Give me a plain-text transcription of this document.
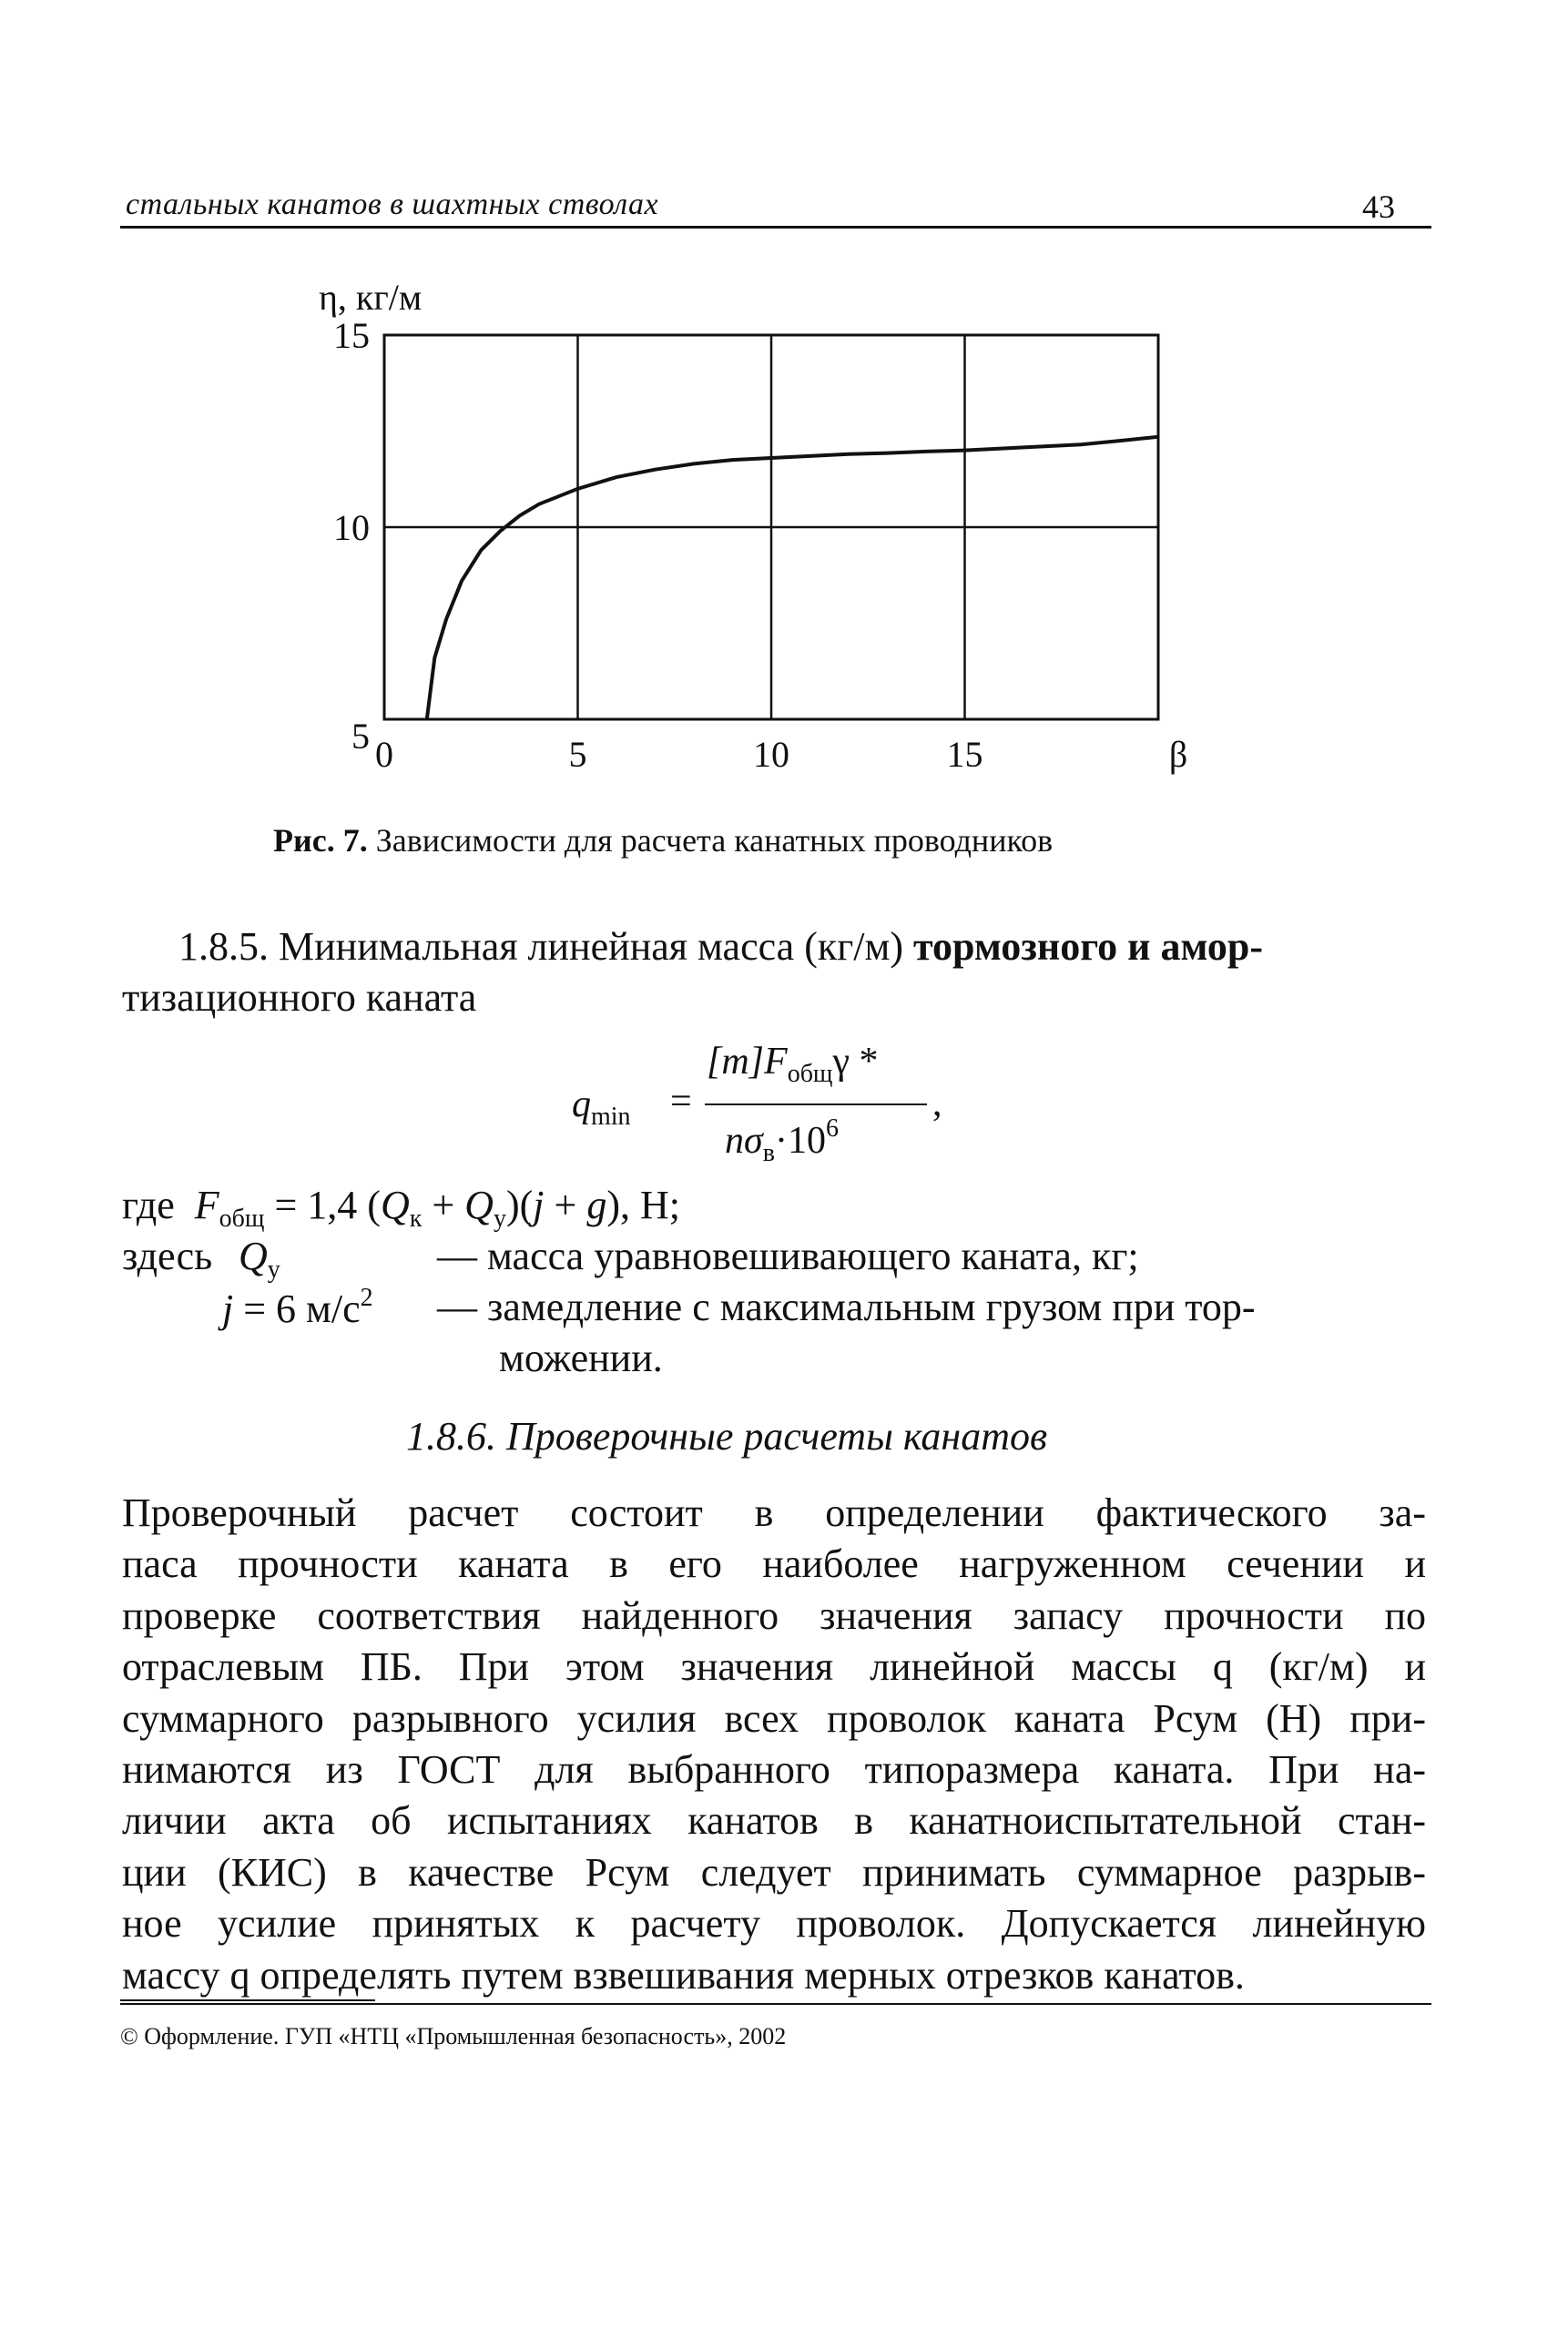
стальных канатов в шахтных стволах	43
0	5	10	15
15
10
5
η, кг/м
β
Рис. 7. Зависимости для расчета канатных проводников
1.8.5. Минимальная линейная масса (кг/м) тормозного и амор-
тизационного каната
$q_{min}$ =
$[m]F_{общ}\gamma$ *
$n\sigma_в\cdot 10^6$
,
где $F_{общ} = 1,4$ $(Q_к + Q_у)(j + g)$, Н;
здесь $Q_у$	— масса уравновешивающего каната, кг;
j = 6 $м/с^2$ — замедление с максимальным грузом при тор-
можении.
1.8.6. Проверочные расчеты канатов
Проверочный расчет состоит в определении фактического за-
паса прочности каната в его наиболее нагруженном сечении и
проверке соответствия найденного значения запасу прочности по
отраслевым ПБ. При этом значения линейной массы q (кг/м) и
суммарного разрывного усилия всех проволок каната Pсум (Н) при-
нимаются из ГОСТ для выбранного типоразмера каната. При на-
личии акта об испытаниях канатов в канатноиспытательной стан-
ции (КИС) в качестве Pсум следует принимать суммарное разрыв-
ное усилие принятых к расчету проволок. Допускается линейную
массу q определять путем взвешивания мерных отрезков канатов.
© Оформление. ГУП «НТЦ «Промышленная безопасность», 2002
